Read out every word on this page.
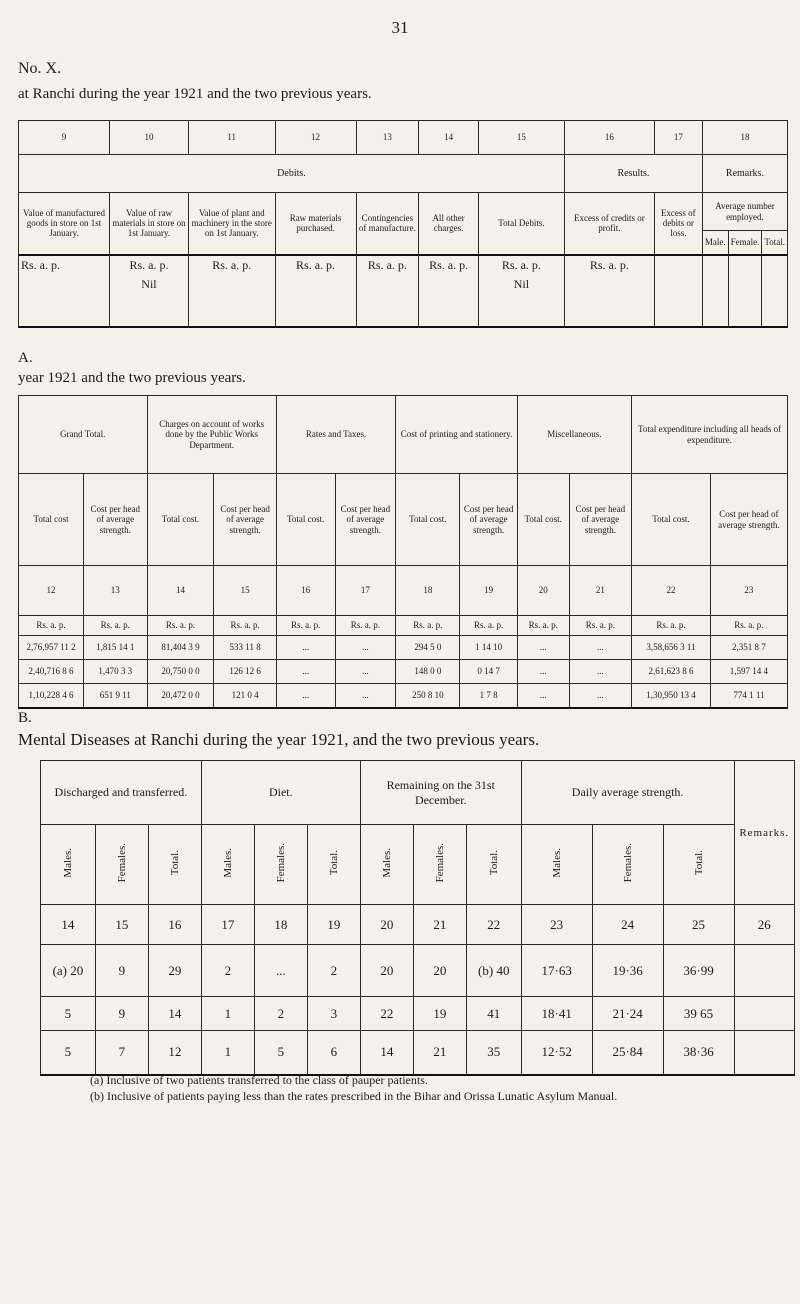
31
No. X.
at Ranchi during the year 1921 and the two previous years.
9	10	11	12	13	14	15	16	17	18		
Debits.							Results.		Remarks.		
Value of manufactured goods in store on 1st January.	Value of raw materials in store on 1st January.	Value of plant and machinery in the store on 1st January.	Raw materials purchased.	Contingencies of manufacture.	All other charges.	Total Debits.	Excess of credits or profit.	Excess of debits or loss.	Average number employed.		
									Male.	Female.	Total.
Rs. a. p.	Rs. a. p.	Rs. a. p.	Rs. a. p.	Rs. a. p.	Rs. a. p.	Rs. a. p.	Rs. a. p.				
	Nil					Nil					
A.
year 1921 and the two previous years.
Grand Total.		Charges on account of works done by the Public Works Department.		Rates and Taxes.		Cost of printing and stationery.		Miscellaneous.		Total expenditure including all heads of expenditure.	
Total cost	Cost per head of average strength.	Total cost.	Cost per head of average strength.	Total cost.	Cost per head of average strength.	Total cost.	Cost per head of average strength.	Total cost.	Cost per head of average strength.	Total cost.	Cost per head of average strength.
12	13	14	15	16	17	18	19	20	21	22	23
Rs. a. p.	Rs. a. p.	Rs. a. p.	Rs. a. p.	Rs. a. p.	Rs. a. p.	Rs. a. p.	Rs. a. p.	Rs. a. p.	Rs. a. p.	Rs. a. p.	Rs. a. p.
2,76,957 11 2	1,815 14 1	81,404 3 9	533 11 8	...	...	294 5 0	1 14 10	...	...	3,58,656 3 11	2,351 8 7
2,40,716 8 6	1,470 3 3	20,750 0 0	126 12 6	...	...	148 0 0	0 14 7	...	...	2,61,623 8 6	1,597 14 4
1,10,228 4 6	651 9 11	20,472 0 0	121 0 4	...	...	250 8 10	1 7 8	...	...	1,30,950 13 4	774 1 11
B.
Mental Diseases at Ranchi during the year 1921, and the two previous years.
Discharged and transferred.			Diet.			Remaining on the 31st December.			Daily average strength.			Remarks.
Males.	Females.	Total.	Males.	Females.	Total.	Males.	Females.	Total.	Males.	Females.	Total.	
14	15	16	17	18	19	20	21	22	23	24	25	26
(a) 20	9	29	2	...	2	20	20	(b) 40	17·63	19·36	36·99	
5	9	14	1	2	3	22	19	41	18·41	21·24	39 65	
5	7	12	1	5	6	14	21	35	12·52	25·84	38·36	
(a) Inclusive of two patients transferred to the class of pauper patients.
(b) Inclusive of patients paying less than the rates prescribed in the Bihar and Orissa Lunatic Asylum Manual.
